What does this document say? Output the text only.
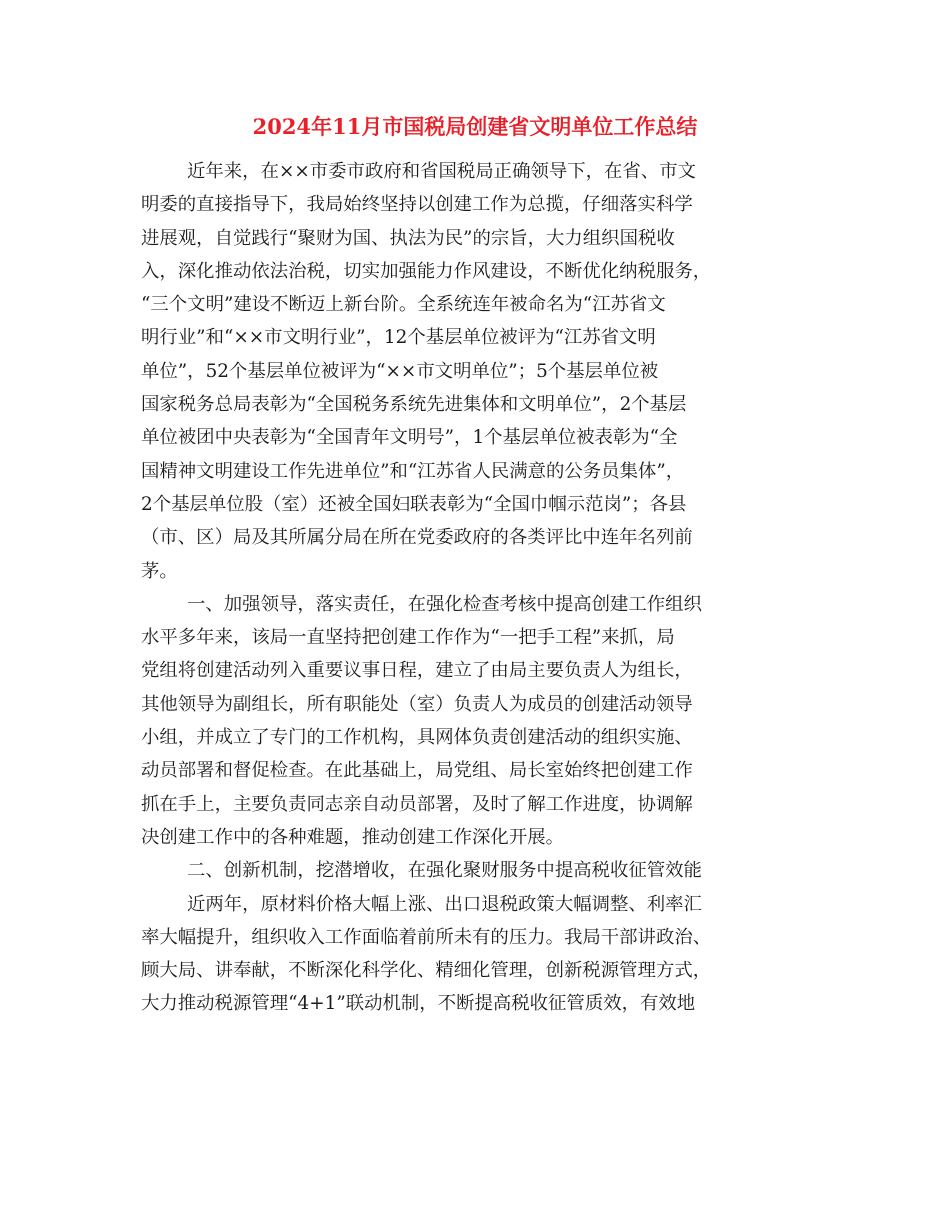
2024年11月市国税局创建省文明单位工作总结

近年来，在××市委市政府和省国税局正确领导下，在省、市文
明委的直接指导下，我局始终坚持以创建工作为总揽，仔细落实科学
进展观，自觉践行“聚财为国、执法为民”的宗旨，大力组织国税收
入，深化推动依法治税，切实加强能力作风建设，不断优化纳税服务，
“三个文明”建设不断迈上新台阶。全系统连年被命名为“江苏省文
明行业”和“××市文明行业”，12个基层单位被评为“江苏省文明
单位”，52个基层单位被评为“××市文明单位”；5个基层单位被
国家税务总局表彰为“全国税务系统先进集体和文明单位”，2个基层
单位被团中央表彰为“全国青年文明号”，1个基层单位被表彰为“全
国精神文明建设工作先进单位”和“江苏省人民满意的公务员集体”，
2个基层单位股（室）还被全国妇联表彰为“全国巾帼示范岗”；各县
（市、区）局及其所属分局在所在党委政府的各类评比中连年名列前
茅。

一、加强领导，落实责任，在强化检查考核中提高创建工作组织
水平多年来，该局一直坚持把创建工作作为“一把手工程”来抓，局
党组将创建活动列入重要议事日程，建立了由局主要负责人为组长，
其他领导为副组长，所有职能处（室）负责人为成员的创建活动领导
小组，并成立了专门的工作机构，具网体负责创建活动的组织实施、
动员部署和督促检查。在此基础上，局党组、局长室始终把创建工作
抓在手上，主要负责同志亲自动员部署，及时了解工作进度，协调解
决创建工作中的各种难题，推动创建工作深化开展。

二、创新机制，挖潜增收，在强化聚财服务中提高税收征管效能

近两年，原材料价格大幅上涨、出口退税政策大幅调整、利率汇
率大幅提升，组织收入工作面临着前所未有的压力。我局干部讲政治、
顾大局、讲奉献，不断深化科学化、精细化管理，创新税源管理方式，
大力推动税源管理“4+1”联动机制，不断提高税收征管质效，有效地
